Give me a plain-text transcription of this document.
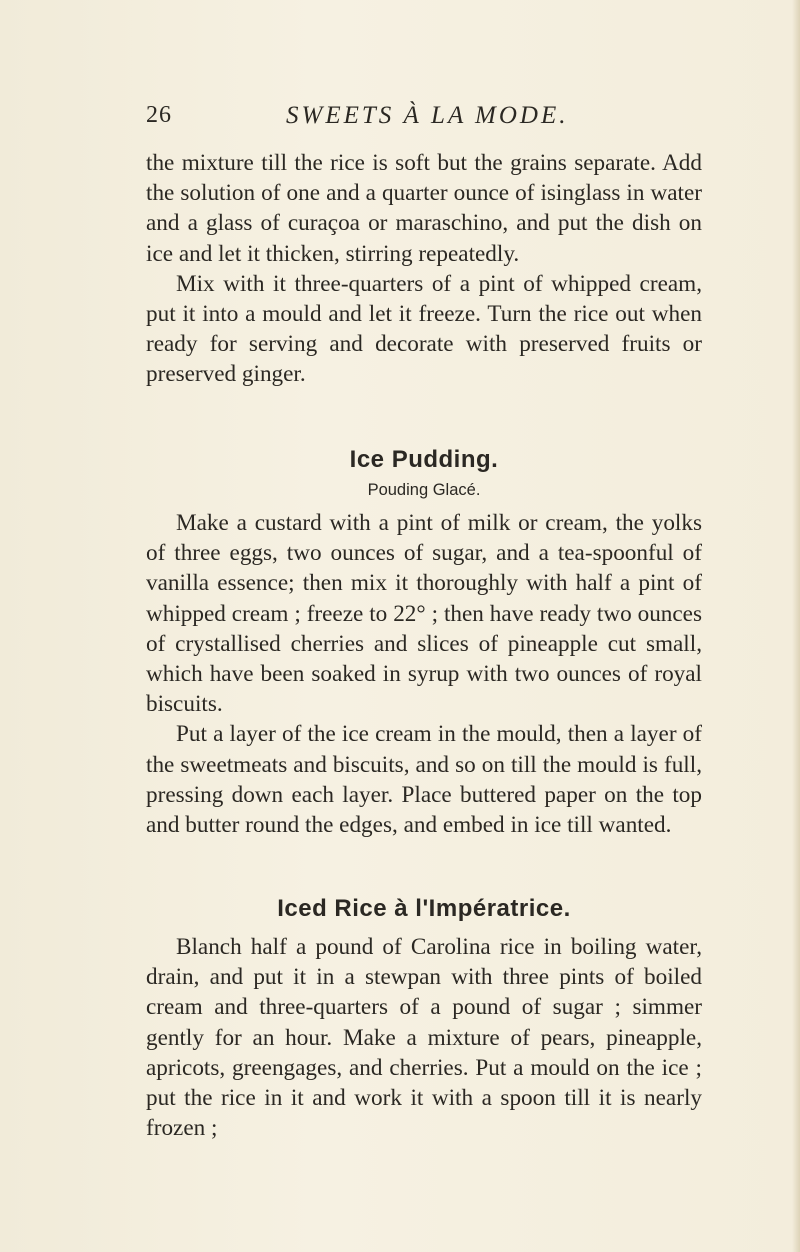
26	SWEETS À LA MODE.

the mixture till the rice is soft but the grains separate. Add the solution of one and a quarter ounce of isinglass in water and a glass of curaçoa or maraschino, and put the dish on ice and let it thicken, stirring repeatedly.

Mix with it three-quarters of a pint of whipped cream, put it into a mould and let it freeze. Turn the rice out when ready for serving and decorate with preserved fruits or preserved ginger.

Ice Pudding.
Pouding Glacé.

Make a custard with a pint of milk or cream, the yolks of three eggs, two ounces of sugar, and a tea-spoonful of vanilla essence; then mix it thoroughly with half a pint of whipped cream ; freeze to 22° ; then have ready two ounces of crystallised cherries and slices of pineapple cut small, which have been soaked in syrup with two ounces of royal biscuits.

Put a layer of the ice cream in the mould, then a layer of the sweetmeats and biscuits, and so on till the mould is full, pressing down each layer. Place buttered paper on the top and butter round the edges, and embed in ice till wanted.

Iced Rice à l'Impératrice.

Blanch half a pound of Carolina rice in boiling water, drain, and put it in a stewpan with three pints of boiled cream and three-quarters of a pound of sugar ; simmer gently for an hour. Make a mixture of pears, pineapple, apricots, greengages, and cherries. Put a mould on the ice ; put the rice in it and work it with a spoon till it is nearly frozen ;
